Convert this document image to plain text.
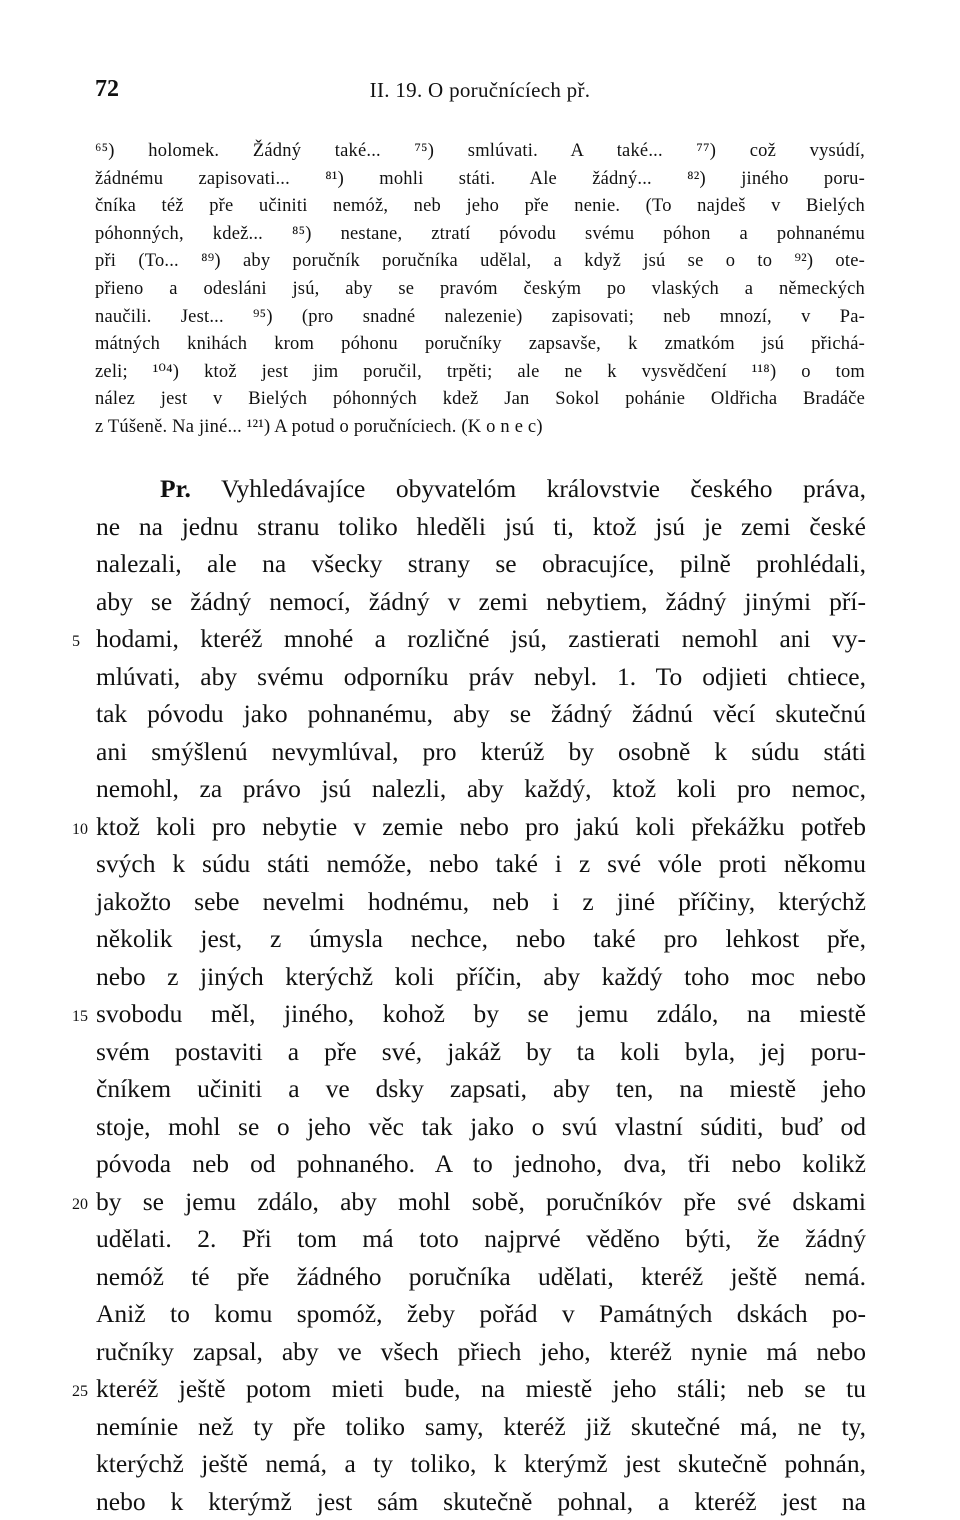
72	II. 19. O poručnícíech př.
⁶⁵) holomek. Žádný také... ⁷⁵) smlúvati. A také... ⁷⁷) což vysúdí,
žádnému zapisovati... ⁸¹) mohli státi. Ale žádný... ⁸²) jiného poru-
čníka též pře učiniti nemóž, neb jeho pře nenie. (To najdeš v Bielých
póhonných, kdež... ⁸⁵) nestane, ztratí póvodu svému póhon a pohnanému
při (To... ⁸⁹) aby poručník poručníka udělal, a když jsú se o to ⁹²) ote-
přieno a odesláni jsú, aby se pravóm českým po vlaských a německých
naučili. Jest... ⁹⁵) (pro snadné nalezenie) zapisovati; neb mnozí, v Pa-
mátných knihách krom póhonu poručníky zapsavše, k zmatkóm jsú přichá-
zeli; ¹⁰⁴) ktož jest jim poručil, trpěti; ale ne k vysvědčení ¹¹⁸) o tom
nález jest v Bielých póhonných kdež Jan Sokol pohánie Oldřicha Bradáče
z Túšeně. Na jiné... ¹²¹) A potud o poručníciech. (K o n e c)
Pr. Vyhledávajíce obyvatelóm královstvie českého práva,
ne na jednu stranu toliko hleděli jsú ti, ktož jsú je zemi české
nalezali, ale na všecky strany se obracujíce, pilně prohlédali,
aby se žádný nemocí, žádný v zemi nebytiem, žádný jinými pří-
5 hodami, kteréž mnohé a rozličné jsú, zastierati nemohl ani vy-
mlúvati, aby svému odporníku práv nebyl. 1. To odjieti chtiece,
tak póvodu jako pohnanému, aby se žádný žádnú věcí skutečnú
ani smýšlenú nevymlúval, pro kterúž by osobně k súdu státi
nemohl, za právo jsú nalezli, aby každý, ktož koli pro nemoc,
10 ktož koli pro nebytie v zemie nebo pro jakú koli překážku potřeb
svých k súdu státi nemóže, nebo také i z své vóle proti někomu
jakožto sebe nevelmi hodnému, neb i z jiné příčiny, kterýchž
několik jest, z úmysla nechce, nebo také pro lehkost pře,
nebo z jiných kterýchž koli příčin, aby každý toho moc nebo
15 svobodu měl, jiného, kohož by se jemu zdálo, na miestě
svém postaviti a pře své, jakáž by ta koli byla, jej poru-
čníkem učiniti a ve dsky zapsati, aby ten, na miestě jeho
stoje, mohl se o jeho věc tak jako o svú vlastní súditi, buď od
póvoda neb od pohnaného. A to jednoho, dva, tři nebo kolikž
20 by se jemu zdálo, aby mohl sobě, poručníkóv pře své dskami
udělati. 2. Při tom má toto najprvé věděno býti, že žádný
nemóž té pře žádného poručníka udělati, kteréž ještě nemá.
Aniž to komu spomóž, žeby pořád v Památných dskách po-
ručníky zapsal, aby ve všech přiech jeho, kteréž nynie má nebo
25 kteréž ještě potom mieti bude, na miestě jeho stáli; neb se tu
nemínie než ty pře toliko samy, kteréž již skutečné má, ne ty,
kterýchž ještě nemá, a ty toliko, k kterýmž jest skutečně pohnán,
nebo k kterýmž jest sám skutečně pohnal, a kteréž jest na
